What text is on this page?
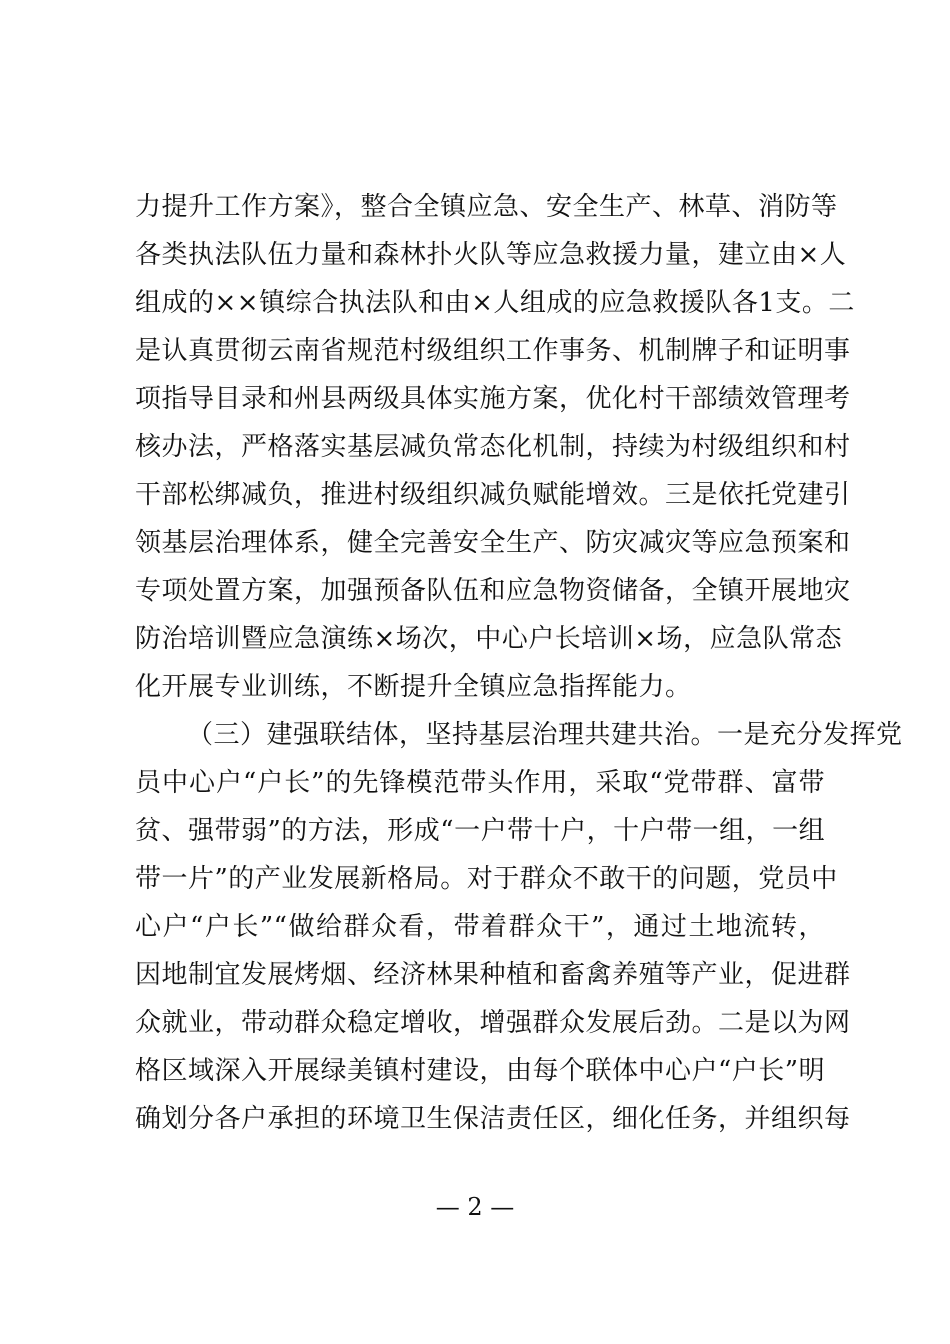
力提升工作方案》，整合全镇应急、安全生产、林草、消防等
各类执法队伍力量和森林扑火队等应急救援力量，建立由×人
组成的××镇综合执法队和由×人组成的应急救援队各1支。二
是认真贯彻云南省规范村级组织工作事务、机制牌子和证明事
项指导目录和州县两级具体实施方案，优化村干部绩效管理考
核办法，严格落实基层减负常态化机制，持续为村级组织和村
干部松绑减负，推进村级组织减负赋能增效。三是依托党建引
领基层治理体系，健全完善安全生产、防灾减灾等应急预案和
专项处置方案，加强预备队伍和应急物资储备，全镇开展地灾
防治培训暨应急演练×场次，中心户长培训×场，应急队常态
化开展专业训练，不断提升全镇应急指挥能力。
（三）建强联结体，坚持基层治理共建共治。一是充分发挥党
员中心户“户长”的先锋模范带头作用，采取“党带群、富带
贫、强带弱”的方法，形成“一户带十户，十户带一组，一组
带一片”的产业发展新格局。对于群众不敢干的问题，党员中
心户“户长”“做给群众看，带着群众干”，通过土地流转，
因地制宜发展烤烟、经济林果种植和畜禽养殖等产业，促进群
众就业，带动群众稳定增收，增强群众发展后劲。二是以为网
格区域深入开展绿美镇村建设，由每个联体中心户“户长”明
确划分各户承担的环境卫生保洁责任区，细化任务，并组织每
— 2 —
